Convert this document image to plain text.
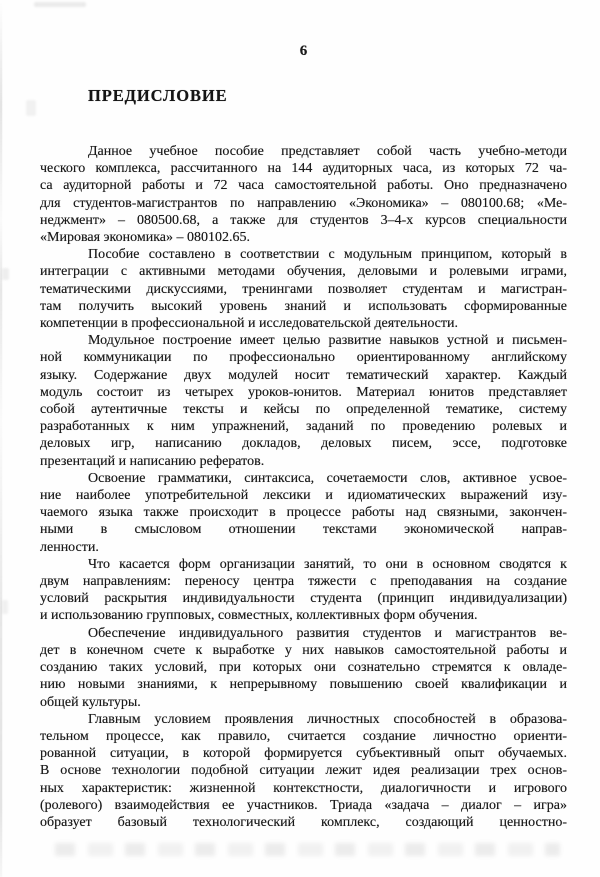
6
ПРЕДИСЛОВИЕ
Данное учебное пособие представляет собой часть учебно-методи
ческого комплекса, рассчитанного на 144 аудиторных часа, из которых 72 ча-
са аудиторной работы и 72 часа самостоятельной работы. Оно предназначено
для студентов-магистрантов по направлению «Экономика» – 080100.68; «Ме-
неджмент» – 080500.68, а также для студентов 3–4-х курсов специальности
«Мировая экономика» – 080102.65.
Пособие составлено в соответствии с модульным принципом, который в
интеграции с активными методами обучения, деловыми и ролевыми играми,
тематическими дискуссиями, тренингами позволяет студентам и магистран-
там получить высокий уровень знаний и использовать сформированные
компетенции в профессиональной и исследовательской деятельности.
Модульное построение имеет целью развитие навыков устной и письмен-
ной коммуникации по профессионально ориентированному английскому
языку. Содержание двух модулей носит тематический характер. Каждый
модуль состоит из четырех уроков-юнитов. Материал юнитов представляет
собой аутентичные тексты и кейсы по определенной тематике, систему
разработанных к ним упражнений, заданий по проведению ролевых и
деловых игр, написанию докладов, деловых писем, эссе, подготовке
презентаций и написанию рефератов.
Освоение грамматики, синтаксиса, сочетаемости слов, активное усвое-
ние наиболее употребительной лексики и идиоматических выражений изу-
чаемого языка также происходит в процессе работы над связными, закончен-
ными в смысловом отношении текстами экономической направ-
ленности.
Что касается форм организации занятий, то они в основном сводятся к
двум направлениям: переносу центра тяжести с преподавания на создание
условий раскрытия индивидуальности студента (принцип индивидуализации)
и использованию групповых, совместных, коллективных форм обучения.
Обеспечение индивидуального развития студентов и магистрантов ве-
дет в конечном счете к выработке у них навыков самостоятельной работы и
созданию таких условий, при которых они сознательно стремятся к овладе-
нию новыми знаниями, к непрерывному повышению своей квалификации и
общей культуры.
Главным условием проявления личностных способностей в образова-
тельном процессе, как правило, считается создание личностно ориенти-
рованной ситуации, в которой формируется субъективный опыт обучаемых.
В основе технологии подобной ситуации лежит идея реализации трех основ-
ных характеристик: жизненной контекстности, диалогичности и игрового
(ролевого) взаимодействия ее участников. Триада «задача – диалог – игра»
образует базовый технологический комплекс, создающий ценностно-
